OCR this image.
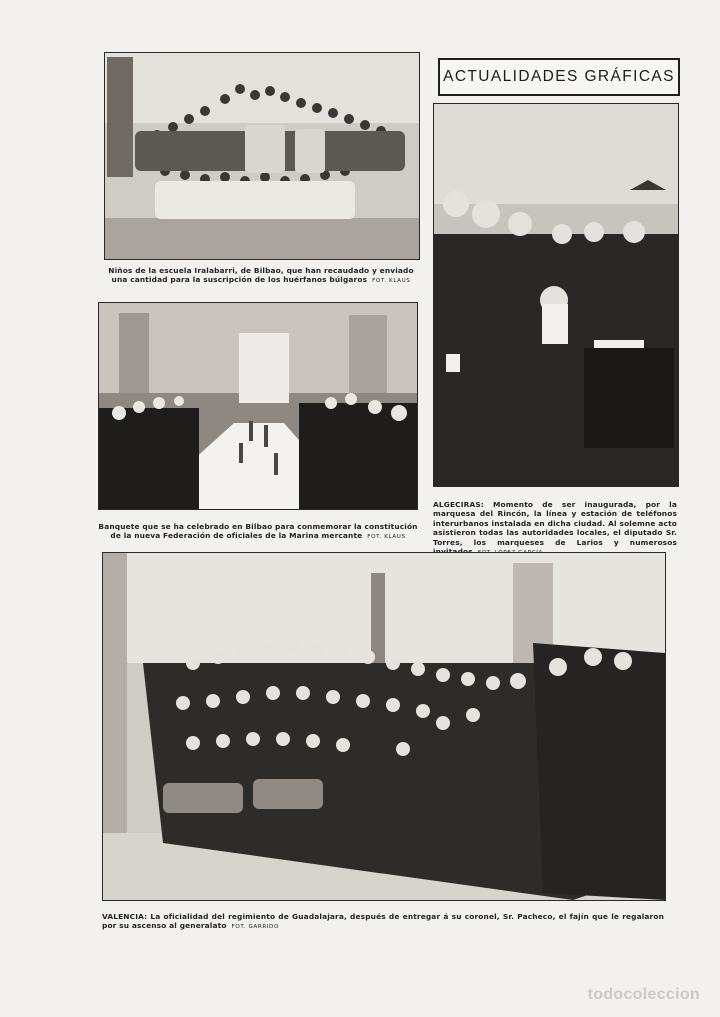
Niños de la escuela Iralabarri, de Bilbao, que han recaudado y enviado una cantidad para la suscripción de los huérfanos búlgaros FOT. KLAUS
Banquete que se ha celebrado en Bilbao para conmemorar la constitución de la nueva Federación de oficiales de la Marina mercante FOT. KLAUS
ACTUALIDADES GRÁFICAS
ALGECIRAS: Momento de ser inaugurada, por la marquesa del Rincón, la línea y estación de teléfonos interurbanos instalada en dicha ciudad. Al solemne acto asistieron todas las autoridades locales, el diputado Sr. Torres, los marqueses de Larios y numerosos
VALENCIA: La oficialidad del regimiento de Guadalajara, después de entregar á su coronel, Sr. Pacheco, el fajín que le regalaron por su ascenso al generalato FOT. GARRIDO
todocoleccion
